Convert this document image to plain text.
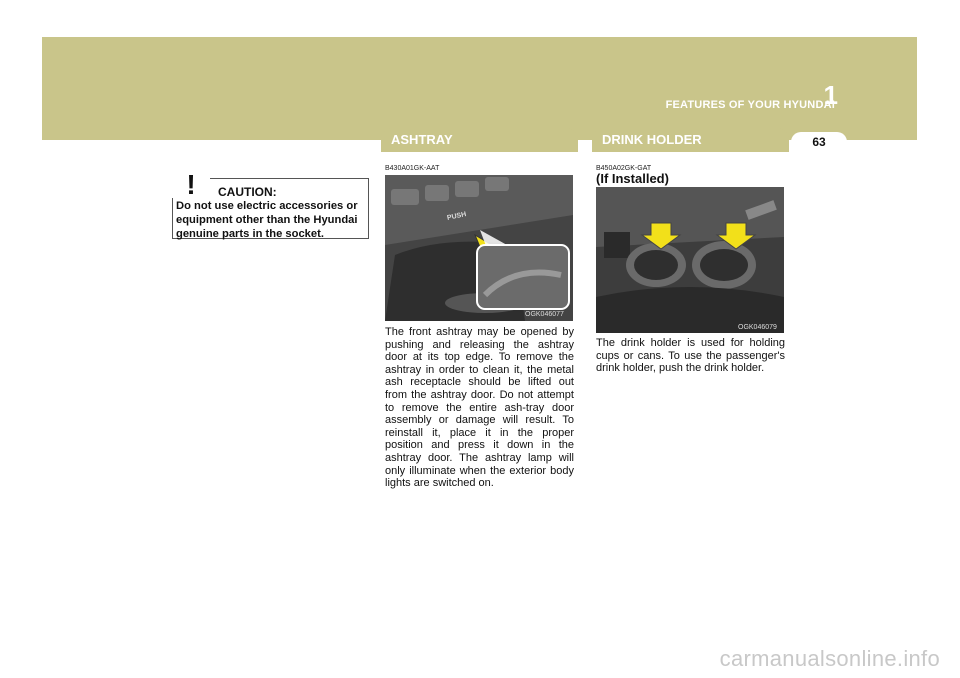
1
FEATURES OF YOUR HYUNDAI
ASHTRAY	DRINK HOLDER	63
! CAUTION:
Do not use electric accessories or equipment other than the Hyundai genuine parts in the socket.
B430A01GK-AAT
OGK046077
PUSH
The front ashtray may be opened by pushing and releasing the ashtray door at its top edge. To remove the ashtray in order to clean it, the metal ash receptacle should be lifted out from the ashtray door. Do not attempt to remove the entire ash-tray door assembly or damage will result. To reinstall it, place it in the proper position and press it down in the ashtray door. The ashtray lamp will only illuminate when the exterior body lights are switched on.
B450A02GK-GAT
(If Installed)
OGK046079
The drink holder is used for holding cups or cans. To use the passenger's drink holder, push the drink holder.
carmanualsonline.info
